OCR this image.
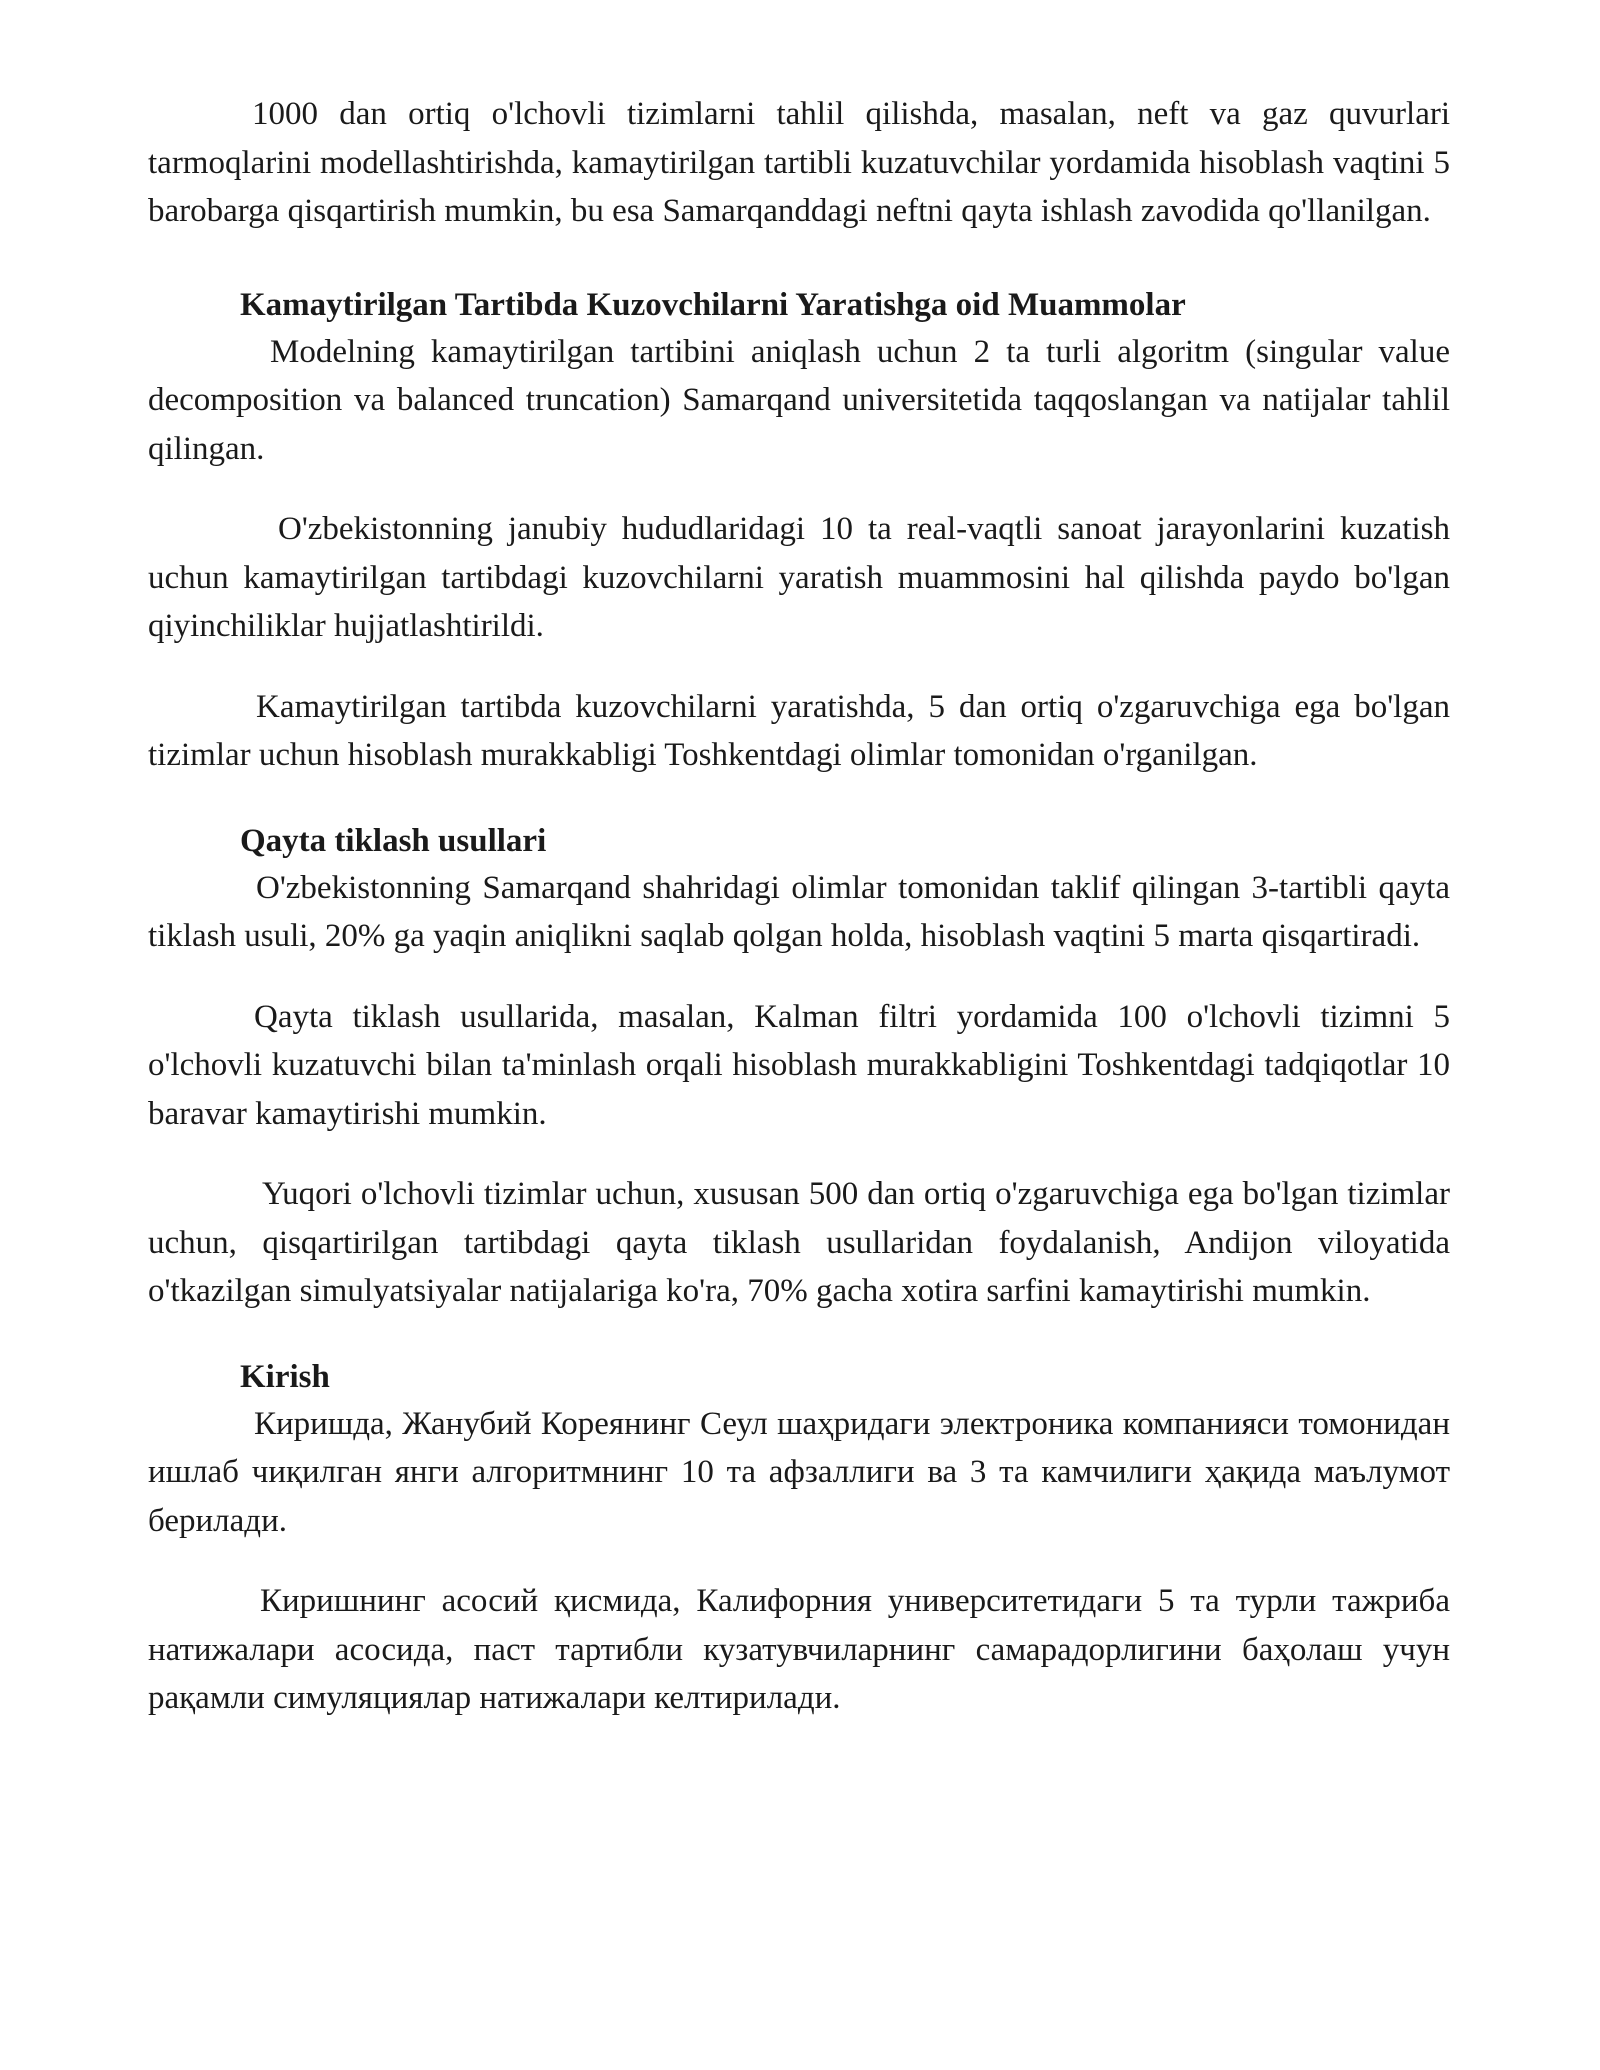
1000 dan ortiq o'lchovli tizimlarni tahlil qilishda, masalan, neft va gaz quvurlari tarmoqlarini modellashtirishda, kamaytirilgan tartibli kuzatuvchilar yordamida hisoblash vaqtini 5 barobarga qisqartirish mumkin, bu esa Samarqanddagi neftni qayta ishlash zavodida qo'llanilgan.

Kamaytirilgan Tartibda Kuzovchilarni Yaratishga oid Muammolar

Modelning kamaytirilgan tartibini aniqlash uchun 2 ta turli algoritm (singular value decomposition va balanced truncation) Samarqand universitetida taqqoslangan va natijalar tahlil qilingan.

O'zbekistonning janubiy hududlaridagi 10 ta real-vaqtli sanoat jarayonlarini kuzatish uchun kamaytirilgan tartibdagi kuzovchilarni yaratish muammosini hal qilishda paydo bo'lgan qiyinchiliklar hujjatlashtirildi.

Kamaytirilgan tartibda kuzovchilarni yaratishda, 5 dan ortiq o'zgaruvchiga ega bo'lgan tizimlar uchun hisoblash murakkabligi Toshkentdagi olimlar tomonidan o'rganilgan.

Qayta tiklash usullari

O'zbekistonning Samarqand shahridagi olimlar tomonidan taklif qilingan 3-tartibli qayta tiklash usuli, 20% ga yaqin aniqlikni saqlab qolgan holda, hisoblash vaqtini 5 marta qisqartiradi.

Qayta tiklash usullarida, masalan, Kalman filtri yordamida 100 o'lchovli tizimni 5 o'lchovli kuzatuvchi bilan ta'minlash orqali hisoblash murakkabligini Toshkentdagi tadqiqotlar 10 baravar kamaytirishi mumkin.

Yuqori o'lchovli tizimlar uchun, xususan 500 dan ortiq o'zgaruvchiga ega bo'lgan tizimlar uchun, qisqartirilgan tartibdagi qayta tiklash usullaridan foydalanish, Andijon viloyatida o'tkazilgan simulyatsiyalar natijalariga ko'ra, 70% gacha xotira sarfini kamaytirishi mumkin.

Kirish

Киришда, Жанубий Кореянинг Сеул шаҳридаги электроника компанияси томонидан ишлаб чиқилган янги алгоритмнинг 10 та афзаллиги ва 3 та камчилиги ҳақида маълумот берилади.

Киришнинг асосий қисмида, Калифорния университетидаги 5 та турли тажриба натижалари асосида, паст тартибли кузатувчиларнинг самарадорлигини баҳолаш учун рақамли симуляциялар натижалари келтирилади.
